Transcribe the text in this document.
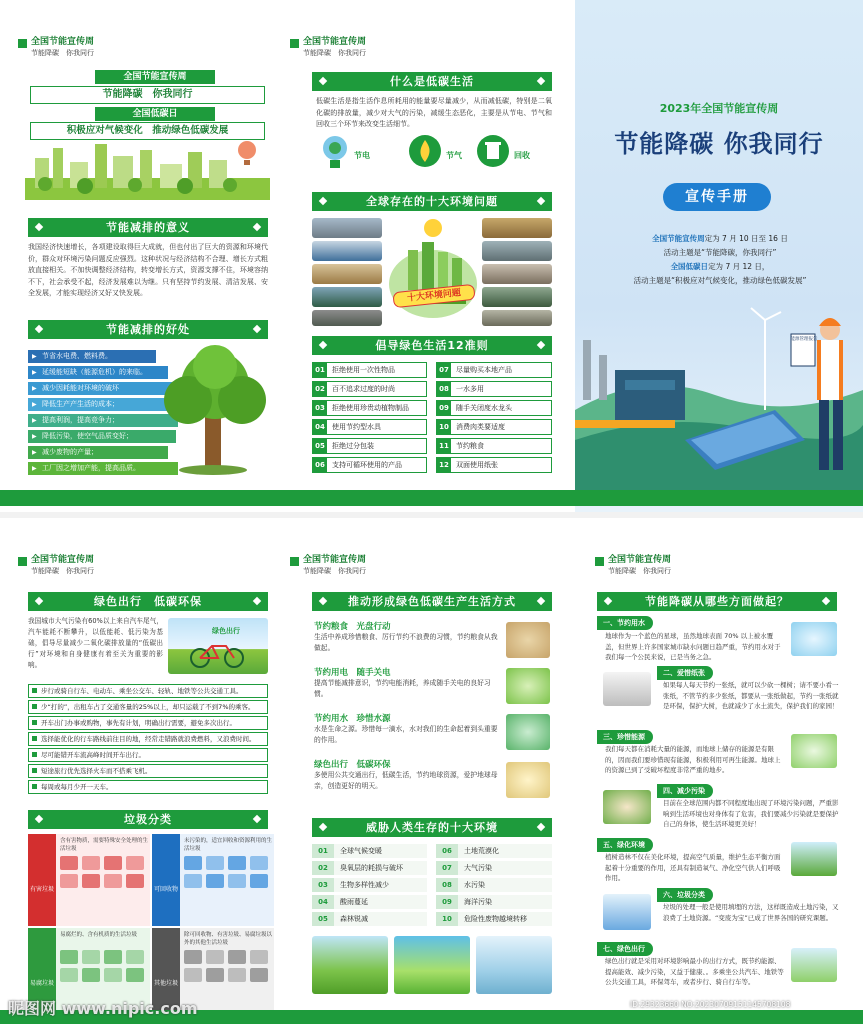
全国节能宣传周
节能降碳　你我同行
全国节能宣传周
节能降碳　你我同行
全国低碳日
积极应对气候变化　推动绿色低碳发展
节能减排的意义
我国经济快速增长，各项建设取得巨大成就，但也付出了巨大的资源和环境代价，群众对环境污染问题反应强烈。这种状况与经济结构不合理、增长方式粗放直接相关。不加快调整经济结构，转变增长方式，资源支撑不住，环境容纳不下，社会承受不起，经济发展难以为继。只有坚持节约发展、清洁发展、安全发展，才能实现经济又好又快发展。
节能减排的好处
▶ 节省水电费、燃料费。
▶ 延缓能短缺（能源危机）的来临。
▶ 减少因耗能对环境的破坏
▶ 降低生产产生活的成本；
▶ 提高利润，提高竞争力；
▶ 降低污染，使空气品质变好；
▶ 减少废物的产量；
▶ 工厂因之增加产能，提高品质。
全国节能宣传周
节能降碳　你我同行
什么是低碳生活
低碳生活是指生活作息所耗用的能量要尽量减少，从而减低碳，特别是二氧化碳的排放量，减少对大气的污染，减缓生态恶化，主要是从节电、节气和回收三个环节来改变生活细节。
节电	节气	回收
全球存在的十大环境问题
十大环境问题
倡导绿色生活12准则
01	拒绝使用一次性物品
02	百不追求过度的时尚
03	拒绝使用珍贵动植物制品
04	使用节约型水具
05	拒绝过分包装
06	支持可循环使用的产品
07	尽量购买本地产品
08	一水多用
09	随手关闭度水龙头
10	消费肉类要适度
11	节约粮食
12	双面使用纸张
2023年全国节能宣传周
节能降碳 你我同行
宣传手册
全国节能宣传周定为 7 月 10 日至 16 日
活动主题是“节能降碳，你我同行”
全国低碳日定为 7 月 12 日，
活动主题是“积极应对气候变化，推动绿色低碳发展”
能源管理报告
全国节能宣传周
节能降碳　你我同行
绿色出行　低碳环保
我国城市大气污染有60%以上来自汽车尾气，汽车能耗不断攀升，以低能耗、低污染为基础，倡导尽量减少二氧化碳排放量的“低碳出行”对环境和自身健康有着至关为重要的影响。
绿色出行
步行或骑自行车、电动车、乘坐公交车、轻轨、地铁等公共交通工具。
少“打的”，出租车占了交通客量的25%以上，却只运载了不到7%的乘客。
开车出门办事或购物，事先有计划，明确出行需要，避免多次出行。
选择能优化的行车路线前往目的地，经常走错路就浪费燃料，又浪费时间。
尽可能错开车流高峰时间开车出行。
短途旅行优先选择火车而不搭乘飞机。
每周或每月少开一天车。
垃圾分类
有害垃圾
含有害物质，需要特殊安全处理的生活垃圾
可回收物
未污染的，适宜回收和资源利用的生活垃圾
易腐垃圾
易腐烂的、含有机质的生活垃圾
其他垃圾
除可回收物、有害垃圾、易腐垃圾以外的其他生活垃圾
全国节能宣传周
节能降碳　你我同行
推动形成绿色低碳生产生活方式
节约粮食　光盘行动
生活中养成珍惜粮食、厉行节约不浪费的习惯，节约粮食从我做起。
节约用电　随手关电
提高节能减排意识，节约电能消耗，养成随手关电的良好习惯。
节约用水　珍惜水源
水是生命之源。珍惜每一滴水，水对我们的生命起着到头重要的作用。
绿色出行　低碳环保
多使用公共交通出行，低碳生活，节约地球资源，爱护地球母亲，创造更好的明天。
威胁人类生存的十大环境
01	全球气候变暖
02	臭氧层的耗损与破坏
03	生物多样性减少
04	酸雨蔓延
05	森林锐减
06	土地荒漠化
07	大气污染
08	水污染
09	海洋污染
10	危险性废物越境转移
全国节能宣传周
节能降碳　你我同行
节能降碳从哪些方面做起？
一、节约用水
地球作为一个蓝色的星球，虽然地球表面 70% 以上被水覆盖，但世界上许多国家城市缺水问题日趋严重，节约用水对于我们每一个公民来说，已是当务之急。
二、爱惜纸张
如果每人每天节约一张纸，就可以少砍一棵树；请不要小看一张纸，不管节约多少张纸，都要从一张纸做起，节约一张纸就是环保，保护大树，也就减少了水土流失，保护我们的家园！
三、珍惜能源
我们每天都在消耗大量的能源，而地球上储存的能源是有限的，因而我们要珍惜现有能源，积极利用可再生能源。地球上的资源已到了受破坏程度非常严重的地步。
四、减少污染
目前在全球范围内都不同程度地出现了环境污染问题，严重影响到生活环境也对身体有了危害，我们要减少污染就是要保护自己的身体，使生活环境更美好！
五、绿化环境
植树造林不仅在美化环境，提高空气质量，维护生态平衡方面起着十分重要的作用，还具有制造氧气、净化空气供人们呼吸作用。
六、垃圾分类
垃圾的处理一般是使用填埋的方法，这样既造成土地污染，又浪费了土地资源。“变废为宝”已成了世界各国的研究课题。
七、绿色出行
绿色出行就是采用对环境影响最小的出行方式，既节约能源、提高能效、减少污染，又益于健康、。多乘坐公共汽车、地铁等公共交通工具，环保驾车，或者步行、骑自行车等。
昵图网 www.nipic.com	ID:29323660 NO:20230709151145708108
